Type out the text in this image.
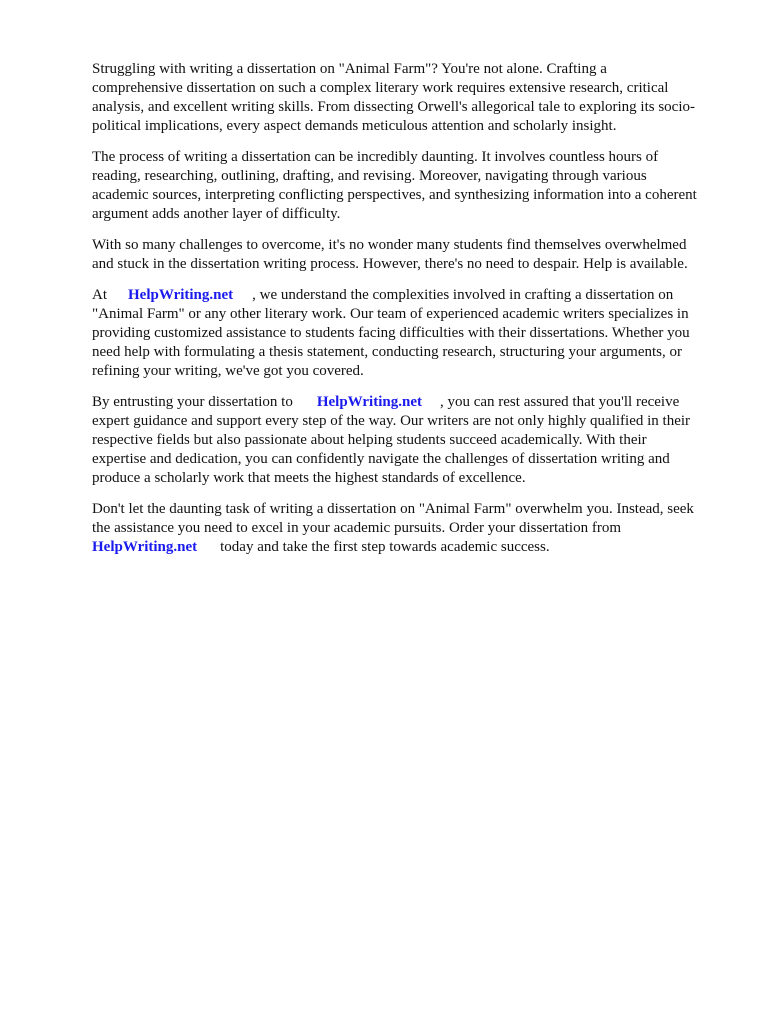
Struggling with writing a dissertation on "Animal Farm"? You're not alone. Crafting a
comprehensive dissertation on such a complex literary work requires extensive research, critical
analysis, and excellent writing skills. From dissecting Orwell's allegorical tale to exploring its socio-
political implications, every aspect demands meticulous attention and scholarly insight.

The process of writing a dissertation can be incredibly daunting. It involves countless hours of
reading, researching, outlining, drafting, and revising. Moreover, navigating through various
academic sources, interpreting conflicting perspectives, and synthesizing information into a coherent
argument adds another layer of difficulty.

With so many challenges to overcome, it's no wonder many students find themselves overwhelmed
and stuck in the dissertation writing process. However, there's no need to despair. Help is available.

At HelpWriting.net , we understand the complexities involved in crafting a dissertation on
"Animal Farm" or any other literary work. Our team of experienced academic writers specializes in
providing customized assistance to students facing difficulties with their dissertations. Whether you
need help with formulating a thesis statement, conducting research, structuring your arguments, or
refining your writing, we've got you covered.

By entrusting your dissertation to HelpWriting.net , you can rest assured that you'll receive
expert guidance and support every step of the way. Our writers are not only highly qualified in their
respective fields but also passionate about helping students succeed academically. With their
expertise and dedication, you can confidently navigate the challenges of dissertation writing and
produce a scholarly work that meets the highest standards of excellence.

Don't let the daunting task of writing a dissertation on "Animal Farm" overwhelm you. Instead, seek
the assistance you need to excel in your academic pursuits. Order your dissertation from
HelpWriting.net today and take the first step towards academic success.
